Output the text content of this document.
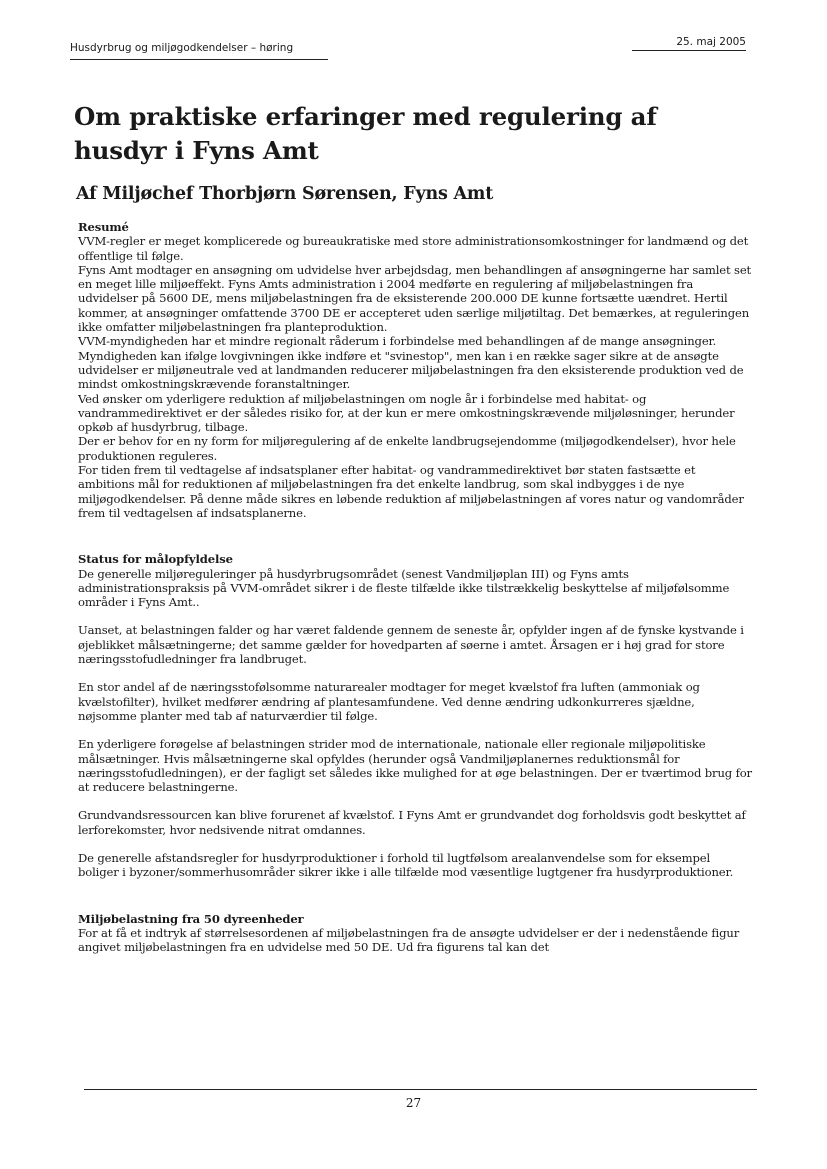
Husdyrbrug og miljøgodkendelser – høring	25. maj 2005
Om praktiske erfaringer med regulering af husdyr i Fyns Amt
Af Miljøchef Thorbjørn Sørensen, Fyns Amt

Resumé

VVM-regler er meget komplicerede og bureaukratiske med store administrationsomkostninger for landmænd og det offentlige til følge.

Fyns Amt modtager en ansøgning om udvidelse hver arbejdsdag, men behandlingen af ansøgningerne har samlet set en meget lille miljøeffekt. Fyns Amts administration i 2004 medførte en regulering af miljøbelastningen fra udvidelser på 5600 DE, mens miljøbelastningen fra de eksisterende 200.000 DE kunne fortsætte uændret. Hertil kommer, at ansøgninger omfattende 3700 DE er accepteret uden særlige miljøtiltag. Det bemærkes, at reguleringen ikke omfatter miljøbelastningen fra planteproduktion.

VVM-myndigheden har et mindre regionalt råderum i forbindelse med behandlingen af de mange ansøgninger. Myndigheden kan ifølge lovgivningen ikke indføre et "svinestop", men kan i en række sager sikre at de ansøgte udvidelser er miljøneutrale ved at landmanden reducerer miljøbelastningen fra den eksisterende produktion ved de mindst omkostningskrævende foranstaltninger.

Ved ønsker om yderligere reduktion af miljøbelastningen om nogle år i forbindelse med habitat- og vandrammedirektivet er der således risiko for, at der kun er mere omkostningskrævende miljøløsninger, herunder opkøb af husdyrbrug, tilbage.

Der er behov for en ny form for miljøregulering af de enkelte landbrugsejendomme (miljøgodkendelser), hvor hele produktionen reguleres.

For tiden frem til vedtagelse af indsatsplaner efter habitat- og vandrammedirektivet bør staten fastsætte et ambitions mål for reduktionen af miljøbelastningen fra det enkelte landbrug, som skal indbygges i de nye miljøgodkendelser. På denne måde sikres en løbende reduktion af miljøbelastningen af vores natur og vandområder frem til vedtagelsen af indsatsplanerne.

Status for målopfyldelse

De generelle miljøreguleringer på husdyrbrugsområdet (senest Vandmiljøplan III) og Fyns amts administrationspraksis på VVM-området sikrer i de fleste tilfælde ikke tilstrækkelig beskyttelse af miljøfølsomme områder i Fyns Amt..

Uanset, at belastningen falder og har været faldende gennem de seneste år, opfylder ingen af de fynske kystvande i øjeblikket målsætningerne; det samme gælder for hovedparten af søerne i amtet. Årsagen er i høj grad for store næringsstofudledninger fra landbruget.

En stor andel af de næringsstofølsomme naturarealer modtager for meget kvælstof fra luften (ammoniak og kvælstofilter), hvilket medfører ændring af plantesamfundene. Ved denne ændring udkonkurreres sjældne, nøjsomme planter med tab af naturværdier til følge.

En yderligere forøgelse af belastningen strider mod de internationale, nationale eller regionale miljøpolitiske målsætninger. Hvis målsætningerne skal opfyldes (herunder også Vandmiljøplanernes reduktionsmål for næringsstofudledningen), er der fagligt set således ikke mulighed for at øge belastningen. Der er tværtimod brug for at reducere belastningerne.

Grundvandsressourcen kan blive forurenet af kvælstof. I Fyns Amt er grundvandet dog forholdsvis godt beskyttet af lerforekomster, hvor nedsivende nitrat omdannes.

De generelle afstandsregler for husdyrproduktioner i forhold til lugtfølsom arealanvendelse som for eksempel boliger i byzoner/sommerhusområder sikrer ikke i alle tilfælde mod væsentlige lugtgener fra husdyrproduktioner.

Miljøbelastning fra 50 dyreenheder

For at få et indtryk af størrelsesordenen af miljøbelastningen fra de ansøgte udvidelser er der i nedenstående figur angivet miljøbelastningen fra en udvidelse med 50 DE. Ud fra figurens tal kan det

27
